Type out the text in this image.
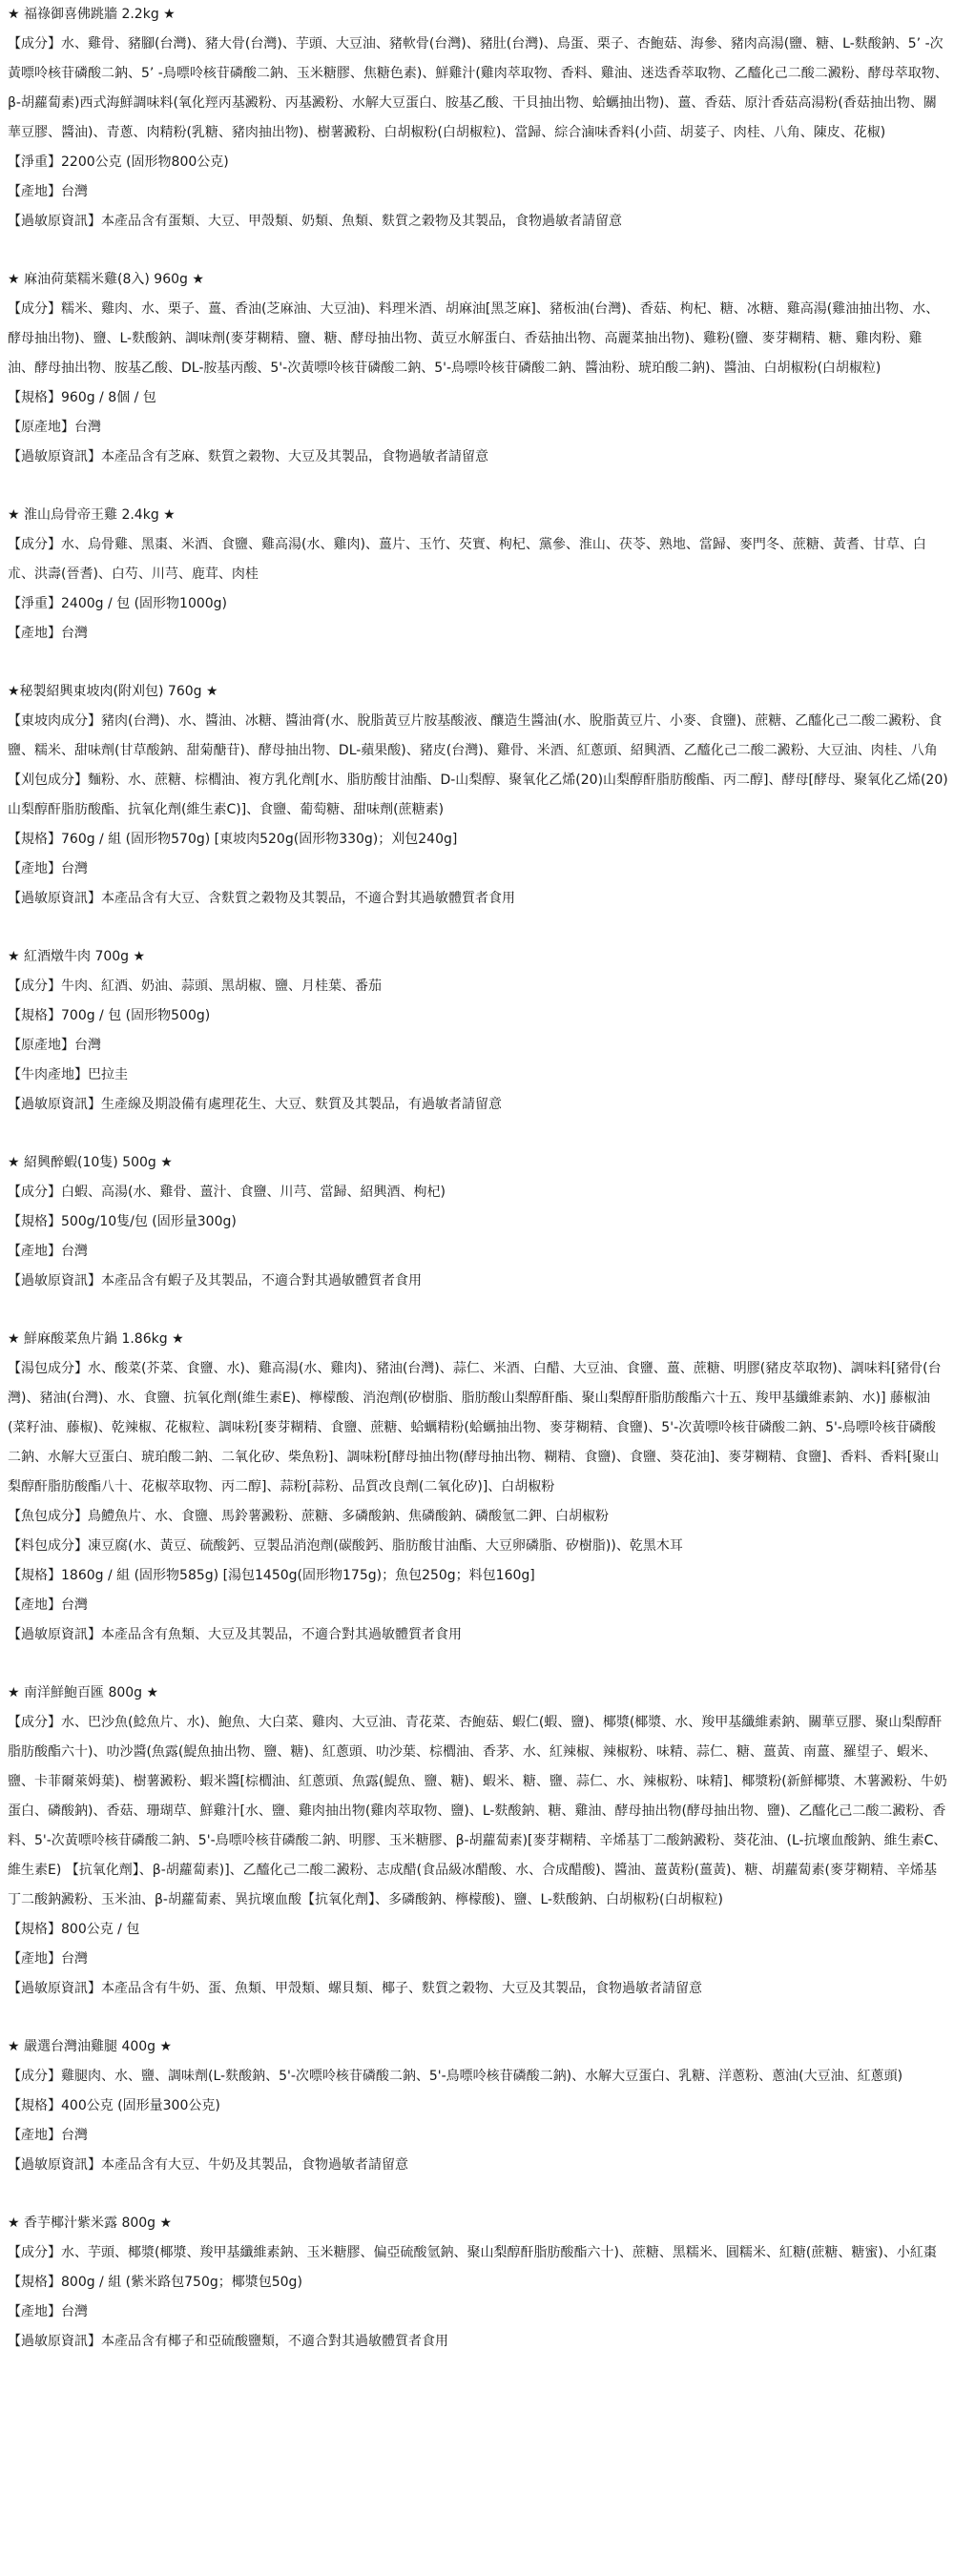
★ 福祿御喜佛跳牆 2.2kg ★

【成分】水、雞骨、豬腳(台灣)、豬大骨(台灣)、芋頭、大豆油、豬軟骨(台灣)、豬肚(台灣)、鳥蛋、栗子、杏鮑菇、海參、豬肉高湯(鹽、糖、L-麩酸鈉、5’ -次黃嘌呤核苷磷酸二鈉、5’ -鳥嘌呤核苷磷酸二鈉、玉米糖膠、焦糖色素)、鮮雞汁(雞肉萃取物、香料、雞油、迷迭香萃取物、乙醯化己二酸二澱粉、酵母萃取物、β-胡蘿蔔素)西式海鮮調味料(氧化羥丙基澱粉、丙基澱粉、水解大豆蛋白、胺基乙酸、干貝抽出物、蛤蠣抽出物)、薑、香菇、原汁香菇高湯粉(香菇抽出物、關華豆膠、醬油)、青蔥、肉精粉(乳糖、豬肉抽出物)、樹薯澱粉、白胡椒粉(白胡椒粒)、當歸、綜合滷味香料(小茴、胡荽子、肉桂、八角、陳皮、花椒)

【淨重】2200公克 (固形物800公克)

【產地】台灣

【過敏原資訊】本產品含有蛋類、大豆、甲殼類、奶類、魚類、麩質之穀物及其製品，食物過敏者請留意

★ 麻油荷葉糯米雞(8入) 960g ★

【成分】糯米、雞肉、水、栗子、薑、香油(芝麻油、大豆油)、料理米酒、胡麻油[黑芝麻]、豬板油(台灣)、香菇、枸杞、糖、冰糖、雞高湯(雞油抽出物、水、酵母抽出物)、鹽、L-麩酸鈉、調味劑(麥芽糊精、鹽、糖、酵母抽出物、黃豆水解蛋白、香菇抽出物、高麗菜抽出物)、雞粉(鹽、麥芽糊精、糖、雞肉粉、雞油、酵母抽出物、胺基乙酸、DL-胺基丙酸、5'-次黃嘌呤核苷磷酸二鈉、5'-鳥嘌呤核苷磷酸二鈉、醬油粉、琥珀酸二鈉)、醬油、白胡椒粉(白胡椒粒)

【規格】960g / 8個 / 包

【原產地】台灣

【過敏原資訊】本產品含有芝麻、麩質之穀物、大豆及其製品，食物過敏者請留意

★ 淮山烏骨帝王雞 2.4kg ★

【成分】水、烏骨雞、黑棗、米酒、食鹽、雞高湯(水、雞肉)、薑片、玉竹、芡實、枸杞、黨參、淮山、茯苓、熟地、當歸、麥門冬、蔗糖、黃耆、甘草、白朮、洪壽(晉耆)、白芍、川芎、鹿茸、肉桂

【淨重】2400g / 包 (固形物1000g)

【產地】台灣

★秘製紹興東坡肉(附刈包) 760g ★

【東坡肉成分】豬肉(台灣)、水、醬油、冰糖、醬油膏(水、脫脂黃豆片胺基酸液、釀造生醬油(水、脫脂黃豆片、小麥、食鹽)、蔗糖、乙醯化己二酸二澱粉、食鹽、糯米、甜味劑(甘草酸鈉、甜菊醣苷)、酵母抽出物、DL-蘋果酸)、豬皮(台灣)、雞骨、米酒、紅蔥頭、紹興酒、乙醯化己二酸二澱粉、大豆油、肉桂、八角

【刈包成分】麵粉、水、蔗糖、棕櫚油、複方乳化劑[水、脂肪酸甘油酯、D-山梨醇、聚氧化乙烯(20)山梨醇酐脂肪酸酯、丙二醇]、酵母[酵母、聚氧化乙烯(20)山梨醇酐脂肪酸酯、抗氧化劑(維生素C)]、食鹽、葡萄糖、甜味劑(蔗糖素)

【規格】760g / 組 (固形物570g) [東坡肉520g(固形物330g)；刈包240g]

【產地】台灣

【過敏原資訊】本產品含有大豆、含麩質之穀物及其製品，不適合對其過敏體質者食用

★ 紅酒燉牛肉 700g ★

【成分】牛肉、紅酒、奶油、蒜頭、黑胡椒、鹽、月桂葉、番茄

【規格】700g / 包 (固形物500g)

【原產地】台灣

【牛肉產地】巴拉圭

【過敏原資訊】生產線及期設備有處理花生、大豆、麩質及其製品，有過敏者請留意

★ 紹興醉蝦(10隻) 500g ★

【成分】白蝦、高湯(水、雞骨、薑汁、食鹽、川芎、當歸、紹興酒、枸杞)

【規格】500g/10隻/包 (固形量300g)

【產地】台灣

【過敏原資訊】本產品含有蝦子及其製品，不適合對其過敏體質者食用

★ 鮮麻酸菜魚片鍋 1.86kg ★

【湯包成分】水、酸菜(芥菜、食鹽、水)、雞高湯(水、雞肉)、豬油(台灣)、蒜仁、米酒、白醋、大豆油、食鹽、薑、蔗糖、明膠(豬皮萃取物)、調味料[豬骨(台灣)、豬油(台灣)、水、食鹽、抗氧化劑(維生素E)、檸檬酸、消泡劑(矽樹脂、脂肪酸山梨醇酐酯、聚山梨醇酐脂肪酸酯六十五、羧甲基纖維素鈉、水)] 藤椒油(菜籽油、藤椒)、乾辣椒、花椒粒、調味粉[麥芽糊精、食鹽、蔗糖、蛤蠣精粉(蛤蠣抽出物、麥芽糊精、食鹽)、5'-次黃嘌呤核苷磷酸二鈉、5'-鳥嘌呤核苷磷酸二鈉、水解大豆蛋白、琥珀酸二鈉、二氧化矽、柴魚粉]、調味粉[酵母抽出物(酵母抽出物、糊精、食鹽)、食鹽、葵花油]、麥芽糊精、食鹽]、香料、香料[聚山梨醇酐脂肪酸酯八十、花椒萃取物、丙二醇]、蒜粉[蒜粉、品質改良劑(二氧化矽)]、白胡椒粉

【魚包成分】鳥鱧魚片、水、食鹽、馬鈴薯澱粉、蔗糖、多磷酸鈉、焦磷酸鈉、磷酸氫二鉀、白胡椒粉

【料包成分】凍豆腐(水、黃豆、硫酸鈣、豆製品消泡劑(碳酸鈣、脂肪酸甘油酯、大豆卵磷脂、矽樹脂))、乾黑木耳

【規格】1860g / 組 (固形物585g) [湯包1450g(固形物175g)；魚包250g；料包160g]

【產地】台灣

【過敏原資訊】本產品含有魚類、大豆及其製品，不適合對其過敏體質者食用

★ 南洋鮮鮑百匯 800g ★

【成分】水、巴沙魚(鯰魚片、水)、鮑魚、大白菜、雞肉、大豆油、青花菜、杏鮑菇、蝦仁(蝦、鹽)、椰漿(椰漿、水、羧甲基纖維素鈉、關華豆膠、聚山梨醇酐脂肪酸酯六十)、叻沙醬(魚露(鯷魚抽出物、鹽、糖)、紅蔥頭、叻沙葉、棕櫚油、香茅、水、紅辣椒、辣椒粉、味精、蒜仁、糖、薑黃、南薑、羅望子、蝦米、鹽、卡菲爾萊姆葉)、樹薯澱粉、蝦米醬[棕櫚油、紅蔥頭、魚露(鯷魚、鹽、糖)、蝦米、糖、鹽、蒜仁、水、辣椒粉、味精]、椰漿粉(新鮮椰漿、木薯澱粉、牛奶蛋白、磷酸鈉)、香菇、珊瑚草、鮮雞汁[水、鹽、雞肉抽出物(雞肉萃取物、鹽)、L-麩酸鈉、糖、雞油、酵母抽出物(酵母抽出物、鹽)、乙醯化己二酸二澱粉、香料、5'-次黃嘌呤核苷磷酸二鈉、5'-鳥嘌呤核苷磷酸二鈉、明膠、玉米糖膠、β-胡蘿蔔素)[麥芽糊精、辛烯基丁二酸鈉澱粉、葵花油、(L-抗壞血酸鈉、維生素C、維生素E) 【抗氧化劑】、β-胡蘿蔔素)]、乙醯化己二酸二澱粉、志成醋(食品級冰醋酸、水、合成醋酸)、醬油、薑黃粉(薑黃)、糖、胡蘿蔔素(麥芽糊精、辛烯基丁二酸鈉澱粉、玉米油、β-胡蘿蔔素、異抗壞血酸【抗氧化劑】、多磷酸鈉、檸檬酸)、鹽、L-麩酸鈉、白胡椒粉(白胡椒粒)

【規格】800公克 / 包

【產地】台灣

【過敏原資訊】本產品含有牛奶、蛋、魚類、甲殼類、螺貝類、椰子、麩質之穀物、大豆及其製品，食物過敏者請留意

★ 嚴選台灣油雞腿 400g ★

【成分】雞腿肉、水、鹽、調味劑(L-麩酸鈉、5'-次嘌呤核苷磷酸二鈉、5'-鳥嘌呤核苷磷酸二鈉)、水解大豆蛋白、乳糖、洋蔥粉、蔥油(大豆油、紅蔥頭)

【規格】400公克 (固形量300公克)

【產地】台灣

【過敏原資訊】本產品含有大豆、牛奶及其製品，食物過敏者請留意

★ 香芋椰汁紫米露 800g ★

【成分】水、芋頭、椰漿(椰漿、羧甲基纖維素鈉、玉米糖膠、偏亞硫酸氫鈉、聚山梨醇酐脂肪酸酯六十)、蔗糖、黑糯米、圓糯米、紅糖(蔗糖、糖蜜)、小紅棗

【規格】800g / 組 (紫米路包750g；椰漿包50g)

【產地】台灣

【過敏原資訊】本產品含有椰子和亞硫酸鹽類，不適合對其過敏體質者食用
